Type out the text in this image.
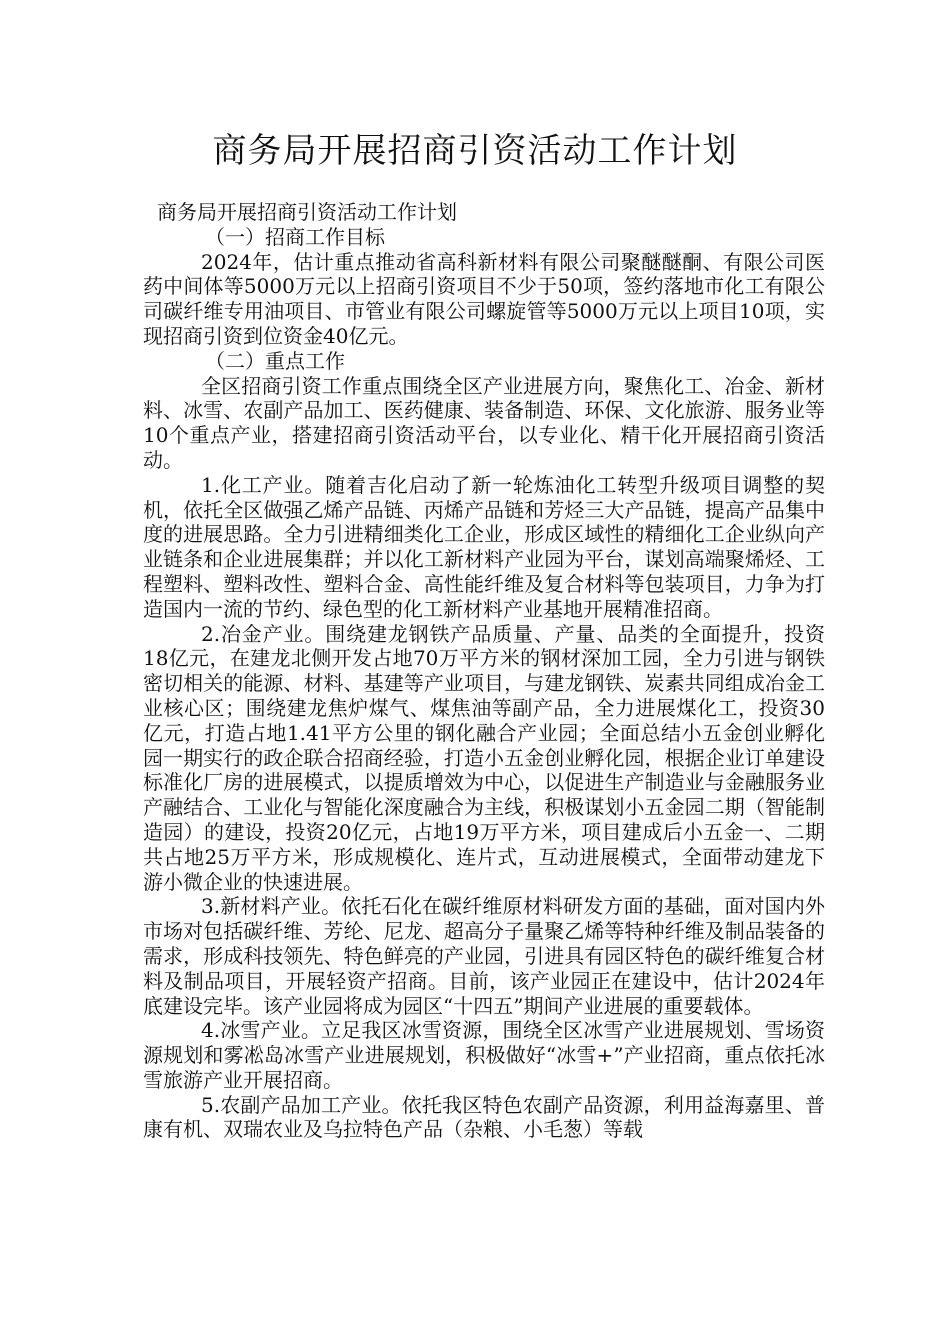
商务局开展招商引资活动工作计划

商务局开展招商引资活动工作计划

（一）招商工作目标

2024年，估计重点推动省高科新材料有限公司聚醚醚酮、有限公司医药中间体等5000万元以上招商引资项目不少于50项，签约落地市化工有限公司碳纤维专用油项目、市管业有限公司螺旋管等5000万元以上项目10项，实现招商引资到位资金40亿元。

（二）重点工作

全区招商引资工作重点围绕全区产业进展方向，聚焦化工、冶金、新材料、冰雪、农副产品加工、医药健康、装备制造、环保、文化旅游、服务业等10个重点产业，搭建招商引资活动平台，以专业化、精干化开展招商引资活动。

1.化工产业。随着吉化启动了新一轮炼油化工转型升级项目调整的契机，依托全区做强乙烯产品链、丙烯产品链和芳烃三大产品链，提高产品集中度的进展思路。全力引进精细类化工企业，形成区域性的精细化工企业纵向产业链条和企业进展集群；并以化工新材料产业园为平台，谋划高端聚烯烃、工程塑料、塑料改性、塑料合金、高性能纤维及复合材料等包装项目，力争为打造国内一流的节约、绿色型的化工新材料产业基地开展精准招商。

2.冶金产业。围绕建龙钢铁产品质量、产量、品类的全面提升，投资18亿元，在建龙北侧开发占地70万平方米的钢材深加工园，全力引进与钢铁密切相关的能源、材料、基建等产业项目，与建龙钢铁、炭素共同组成冶金工业核心区；围绕建龙焦炉煤气、煤焦油等副产品，全力进展煤化工，投资30亿元，打造占地1.41平方公里的钢化融合产业园；全面总结小五金创业孵化园一期实行的政企联合招商经验，打造小五金创业孵化园，根据企业订单建设标准化厂房的进展模式，以提质增效为中心，以促进生产制造业与金融服务业产融结合、工业化与智能化深度融合为主线，积极谋划小五金园二期（智能制造园）的建设，投资20亿元，占地19万平方米，项目建成后小五金一、二期共占地25万平方米，形成规模化、连片式，互动进展模式，全面带动建龙下游小微企业的快速进展。

3.新材料产业。依托石化在碳纤维原材料研发方面的基础，面对国内外市场对包括碳纤维、芳纶、尼龙、超高分子量聚乙烯等特种纤维及制品装备的需求，形成科技领先、特色鲜亮的产业园，引进具有园区特色的碳纤维复合材料及制品项目，开展轻资产招商。目前，该产业园正在建设中，估计2024年底建设完毕。该产业园将成为园区“十四五”期间产业进展的重要载体。

4.冰雪产业。立足我区冰雪资源，围绕全区冰雪产业进展规划、雪场资源规划和雾凇岛冰雪产业进展规划，积极做好“冰雪+”产业招商，重点依托冰雪旅游产业开展招商。

5.农副产品加工产业。依托我区特色农副产品资源，利用益海嘉里、普康有机、双瑞农业及乌拉特色产品（杂粮、小毛葱）等载
